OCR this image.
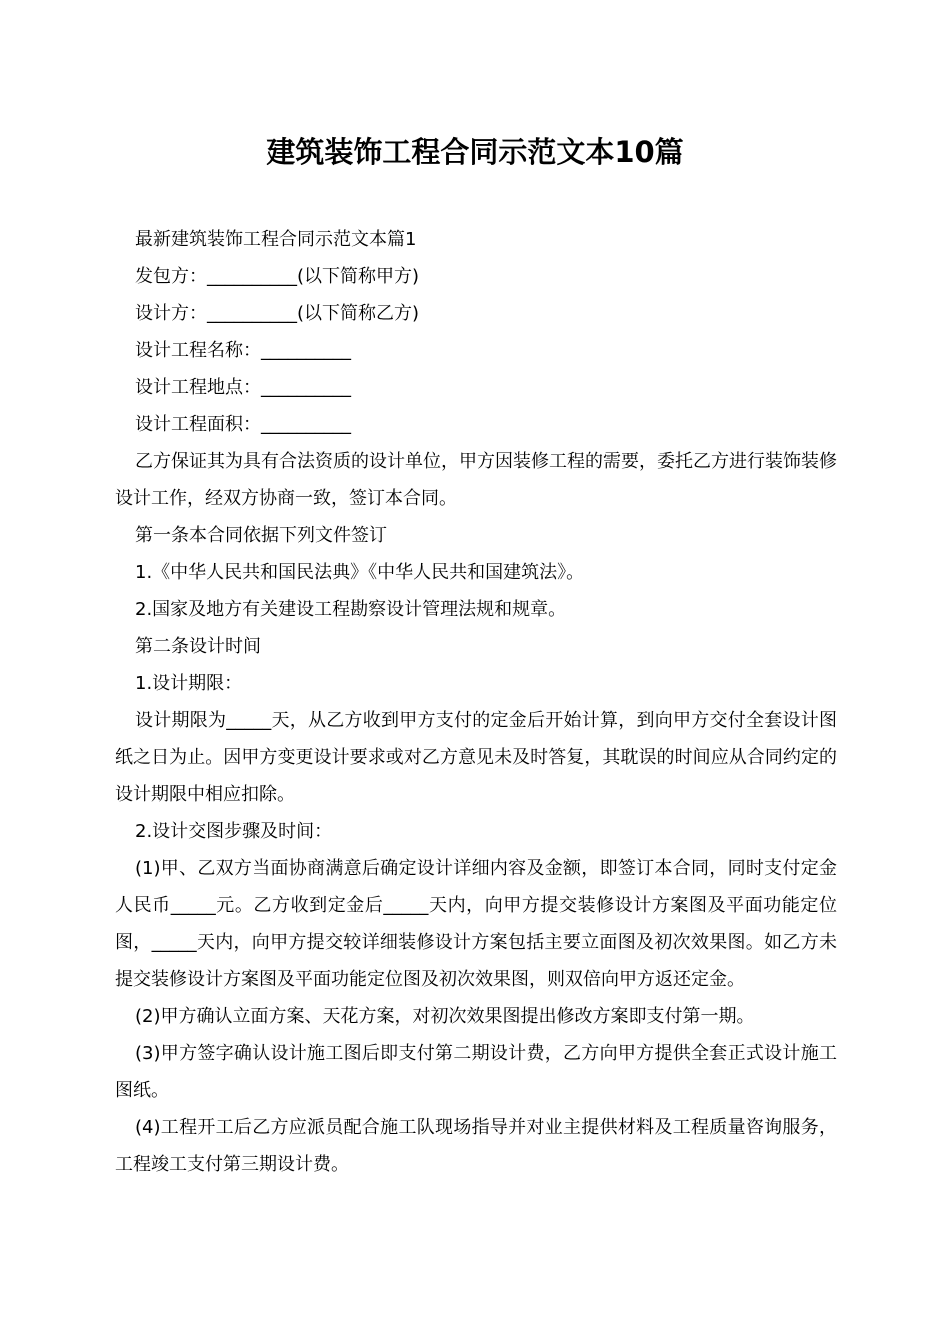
建筑装饰工程合同示范文本10篇

最新建筑装饰工程合同示范文本篇1

发包方：__________(以下简称甲方)

设计方：__________(以下简称乙方)

设计工程名称：__________

设计工程地点：__________

设计工程面积：__________

乙方保证其为具有合法资质的设计单位，甲方因装修工程的需要，委托乙方进行装饰装修设计工作，经双方协商一致，签订本合同。

第一条本合同依据下列文件签订

1.《中华人民共和国民法典》《中华人民共和国建筑法》。

2.国家及地方有关建设工程勘察设计管理法规和规章。

第二条设计时间

1.设计期限：

设计期限为_____天，从乙方收到甲方支付的定金后开始计算，到向甲方交付全套设计图纸之日为止。因甲方变更设计要求或对乙方意见未及时答复，其耽误的时间应从合同约定的设计期限中相应扣除。

2.设计交图步骤及时间：

(1)甲、乙双方当面协商满意后确定设计详细内容及金额，即签订本合同，同时支付定金人民币_____元。乙方收到定金后_____天内，向甲方提交装修设计方案图及平面功能定位图，_____天内，向甲方提交较详细装修设计方案包括主要立面图及初次效果图。如乙方未提交装修设计方案图及平面功能定位图及初次效果图，则双倍向甲方返还定金。

(2)甲方确认立面方案、天花方案，对初次效果图提出修改方案即支付第一期。

(3)甲方签字确认设计施工图后即支付第二期设计费，乙方向甲方提供全套正式设计施工图纸。

(4)工程开工后乙方应派员配合施工队现场指导并对业主提供材料及工程质量咨询服务，工程竣工支付第三期设计费。
